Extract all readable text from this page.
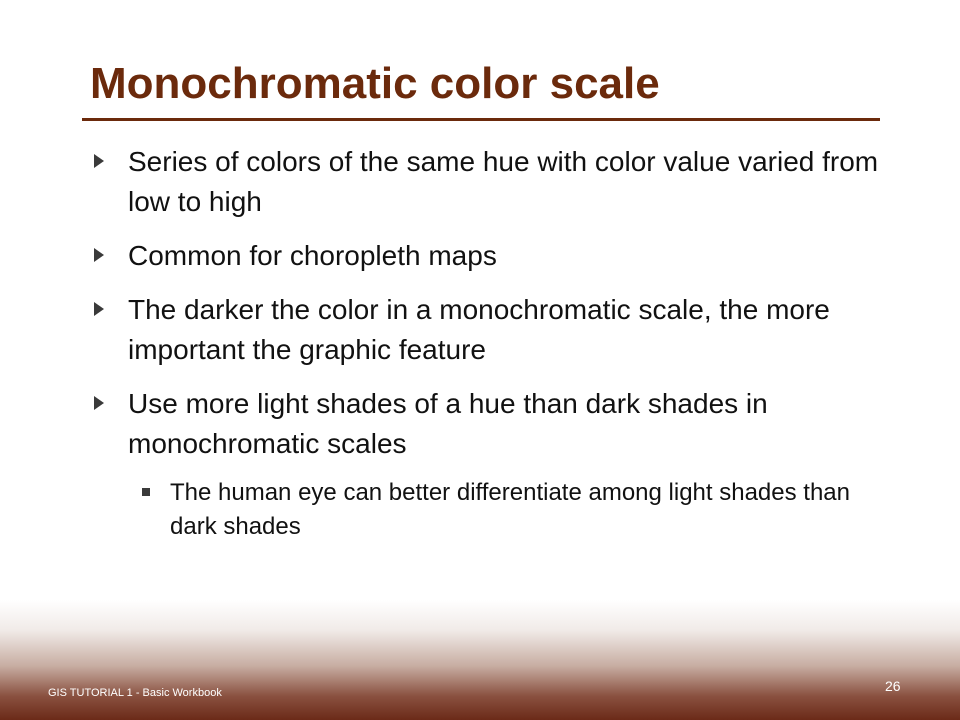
Monochromatic color scale
Series of colors of the same hue with color value varied from low to high
Common for choropleth maps
The darker the color in a monochromatic scale, the more important the graphic feature
Use more light shades of a hue than dark shades in monochromatic scales
The human eye can better differentiate among light shades than dark shades
GIS TUTORIAL 1 - Basic Workbook	26
